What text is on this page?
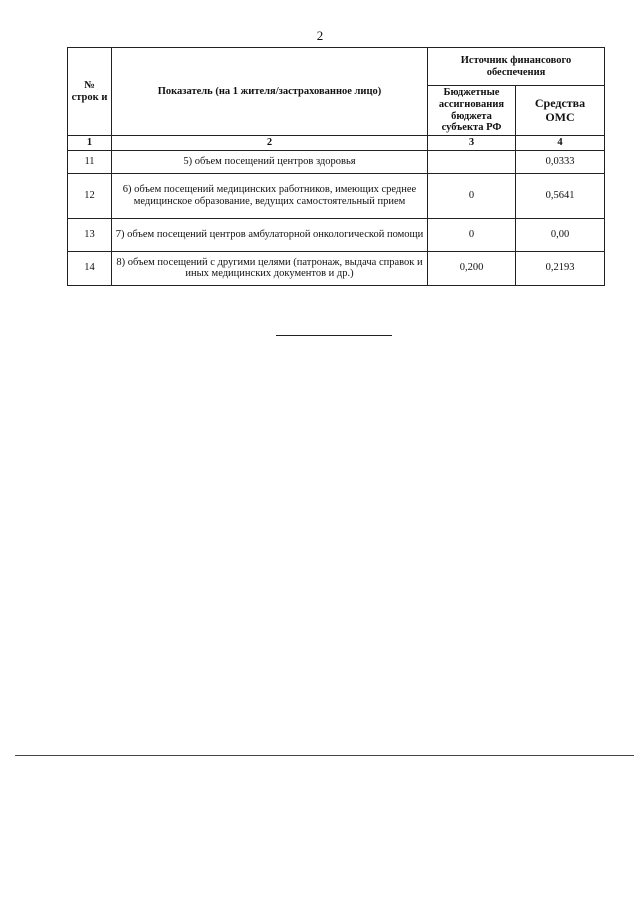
2
№ строк и	Показатель (на 1 жителя/застрахованное лицо)	Источник финансового обеспечения	
		Бюджетные ассигнования бюджета субъекта РФ	Средства ОМС
1	2	3	4
11	5) объем посещений центров здоровья		0,0333
12	6) объем посещений медицинских работников, имеющих среднее медицинское образование, ведущих самостоятельный прием	0	0,5641
13	7) объем посещений центров амбулаторной онкологической помощи	0	0,00
14	8) объем посещений с другими целями (патронаж, выдача справок и иных медицинских документов и др.)	0,200	0,2193
